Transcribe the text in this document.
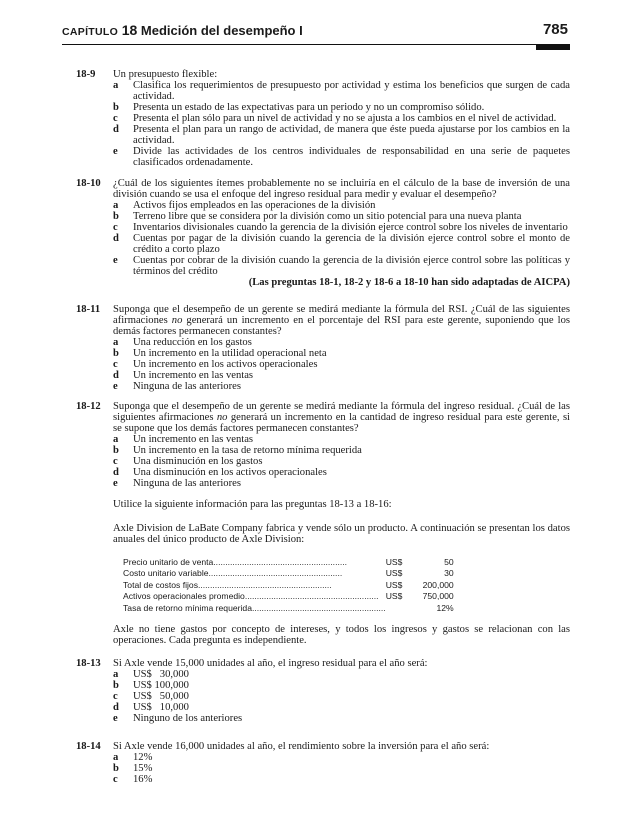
CAPÍTULO 18 Medición del desempeño I	785
18-9 Un presupuesto flexible:
a Clasifica los requerimientos de presupuesto por actividad y estima los beneficios que surgen de cada actividad.
b Presenta un estado de las expectativas para un periodo y no un compromiso sólido.
c Presenta el plan sólo para un nivel de actividad y no se ajusta a los cambios en el nivel de actividad.
d Presenta el plan para un rango de actividad, de manera que éste pueda ajustarse por los cambios en la actividad.
e Divide las actividades de los centros individuales de responsabilidad en una serie de paquetes clasificados ordenadamente.
18-10 ¿Cuál de los siguientes ítemes probablemente no se incluiría en el cálculo de la base de inversión de una división cuando se usa el enfoque del ingreso residual para medir y evaluar el desempeño?
a Activos fijos empleados en las operaciones de la división
b Terreno libre que se considera por la división como un sitio potencial para una nueva planta
c Inventarios divisionales cuando la gerencia de la división ejerce control sobre los niveles de inventario
d Cuentas por pagar de la división cuando la gerencia de la división ejerce control sobre el monto de crédito a corto plazo
e Cuentas por cobrar de la división cuando la gerencia de la división ejerce control sobre las políticas y términos del crédito
(Las preguntas 18-1, 18-2 y 18-6 a 18-10 han sido adaptadas de AICPA)
18-11 Suponga que el desempeño de un gerente se medirá mediante la fórmula del RSI. ¿Cuál de las siguientes afirmaciones no generará un incremento en el porcentaje del RSI para este gerente, suponiendo que los demás factores permanecen constantes?
a Una reducción en los gastos
b Un incremento en la utilidad operacional neta
c Un incremento en los activos operacionales
d Un incremento en las ventas
e Ninguna de las anteriores
18-12 Suponga que el desempeño de un gerente se medirá mediante la fórmula del ingreso residual. ¿Cuál de las siguientes afirmaciones no generará un incremento en la cantidad de ingreso residual para este gerente, si se supone que los demás factores permanecen constantes?
a Un incremento en las ventas
b Un incremento en la tasa de retorno mínima requerida
c Una disminución en los gastos
d Una disminución en los activos operacionales
e Ninguna de las anteriores
Utilice la siguiente información para las preguntas 18-13 a 18-16:
Axle Division de LaBate Company fabrica y vende sólo un producto. A continuación se presentan los datos anuales del único producto de Axle Division:
Precio unitario de venta........................................................	US$	50
Costo unitario variable........................................................	US$	30
Total de costos fijos........................................................	US$	200,000
Activos operacionales promedio........................................................	US$	750,000
Tasa de retorno mínima requerida........................................................		12%
Axle no tiene gastos por concepto de intereses, y todos los ingresos y gastos se relacionan con las operaciones. Cada pregunta es independiente.
18-13 Si Axle vende 15,000 unidades al año, el ingreso residual para el año será:
a US$   30,000
b US$ 100,000
c US$   50,000
d US$   10,000
e Ninguno de los anteriores
18-14 Si Axle vende 16,000 unidades al año, el rendimiento sobre la inversión para el año será:
a 12%
b 15%
c 16%
